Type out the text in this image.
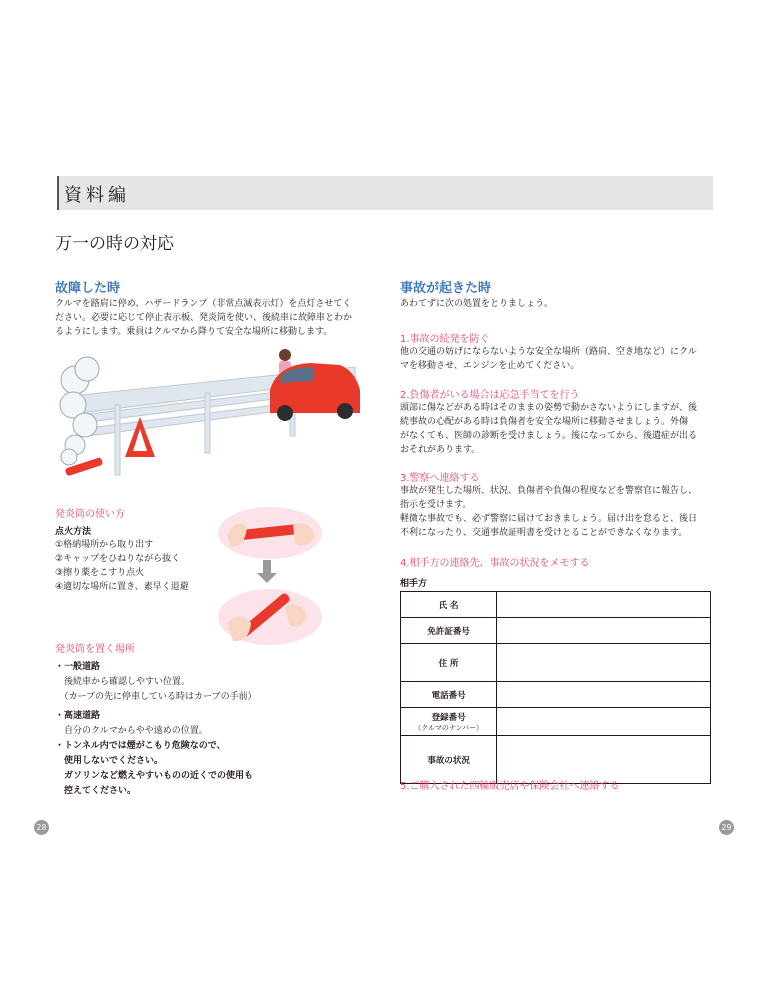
資料編
万一の時の対応
故障した時
クルマを路肩に停め、ハザードランプ（非常点滅表示灯）を点灯させてく
ださい。必要に応じて停止表示板、発炎筒を使い、後続車に故障車とわか
るようにします。乗員はクルマから降りて安全な場所に移動します。
発炎筒の使い方
点火方法
①格納場所から取り出す
②キャップをひねりながら抜く
③擦り薬をこすり点火
④適切な場所に置き、素早く退避
発炎筒を置く場所
・一般道路
　後続車から確認しやすい位置。
　（カーブの先に停車している時はカーブの手前）
・高速道路
　自分のクルマからやや遠めの位置。
・トンネル内では煙がこもり危険なので、
　使用しないでください。
　ガソリンなど燃えやすいものの近くでの使用も
　控えてください。
事故が起きた時
あわてずに次の処置をとりましょう。
1.事故の続発を防ぐ
他の交通の妨げにならないような安全な場所（路肩、空き地など）にクル
マを移動させ、エンジンを止めてください。
2.負傷者がいる場合は応急手当てを行う
頭部に傷などがある時はそのままの姿勢で動かさないようにしますが、後
続事故の心配がある時は負傷者を安全な場所に移動させましょう。外傷
がなくても、医師の診断を受けましょう。後になってから、後遺症が出る
おそれがあります。
3.警察へ連絡する
事故が発生した場所、状況、負傷者や負傷の程度などを警察官に報告し、
指示を受けます。
軽微な事故でも、必ず警察に届けておきましょう。届け出を怠ると、後日
不利になったり、交通事故証明書を受けとることができなくなります。
4.相手方の連絡先、事故の状況をメモする
相手方
氏 名	
免許証番号	
住 所	
電話番号	

登録番号
（クルマのナンバー）	

事故の状況	
5.ご購入された四輪販売店や保険会社へ連絡する
28	29
